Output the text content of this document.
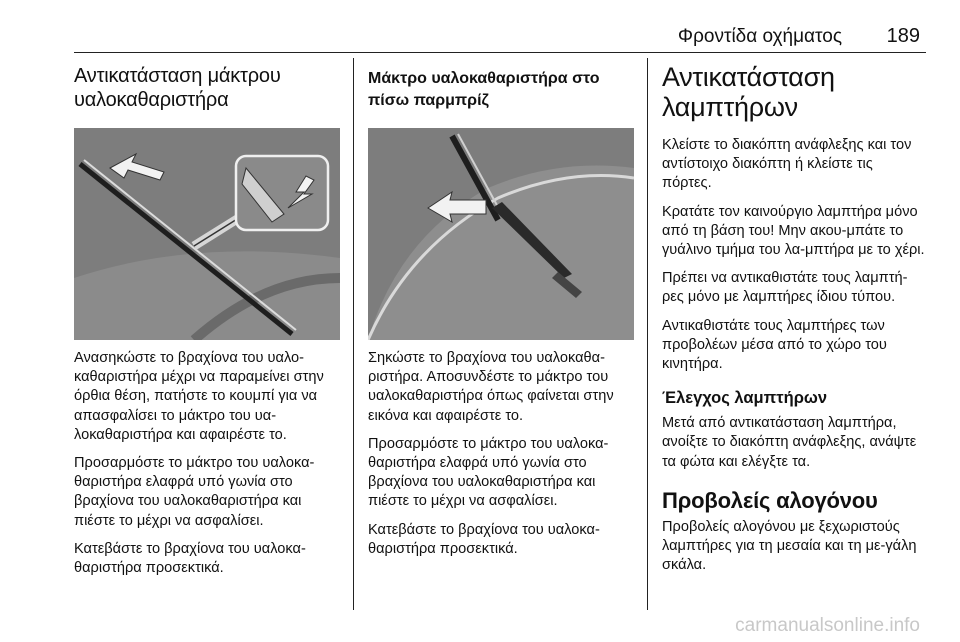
Φροντίδα οχήματος 189
Αντικατάσταση μάκτρου υαλοκαθαριστήρα

Ανασηκώστε το βραχίονα του υαλο‐καθαριστήρα μέχρι να παραμείνει στην όρθια θέση, πατήστε το κουμπί για να απασφαλίσει το μάκτρο του υα‐λοκαθαριστήρα και αφαιρέστε το.

Προσαρμόστε το μάκτρο του υαλοκα‐θαριστήρα ελαφρά υπό γωνία στο βραχίονα του υαλοκαθαριστήρα και πιέστε το μέχρι να ασφαλίσει.

Κατεβάστε το βραχίονα του υαλοκα‐θαριστήρα προσεκτικά.

Μάκτρο υαλοκαθαριστήρα στο πίσω παρμπρίζ

Σηκώστε το βραχίονα του υαλοκαθα‐ριστήρα. Αποσυνδέστε το μάκτρο του υαλοκαθαριστήρα όπως φαίνεται στην εικόνα και αφαιρέστε το.

Προσαρμόστε το μάκτρο του υαλοκα‐θαριστήρα ελαφρά υπό γωνία στο βραχίονα του υαλοκαθαριστήρα και πιέστε το μέχρι να ασφαλίσει.

Κατεβάστε το βραχίονα του υαλοκα‐θαριστήρα προσεκτικά.

Αντικατάσταση λαμπτήρων

Κλείστε το διακόπτη ανάφλεξης και τον αντίστοιχο διακόπτη ή κλείστε τις πόρτες.

Κρατάτε τον καινούργιο λαμπτήρα μόνο από τη βάση του! Μην ακου‐μπάτε το γυάλινο τμήμα του λα‐μπτήρα με το χέρι.

Πρέπει να αντικαθιστάτε τους λαμπτή‐ρες μόνο με λαμπτήρες ίδιου τύπου.

Αντικαθιστάτε τους λαμπτήρες των προβολέων μέσα από το χώρο του κινητήρα.

Έλεγχος λαμπτήρων

Μετά από αντικατάσταση λαμπτήρα, ανοίξτε το διακόπτη ανάφλεξης, ανάψτε τα φώτα και ελέγξτε τα.

Προβολείς αλογόνου

Προβολείς αλογόνου με ξεχωριστούς λαμπτήρες για τη μεσαία και τη με‐γάλη σκάλα.

carmanualsonline.info
